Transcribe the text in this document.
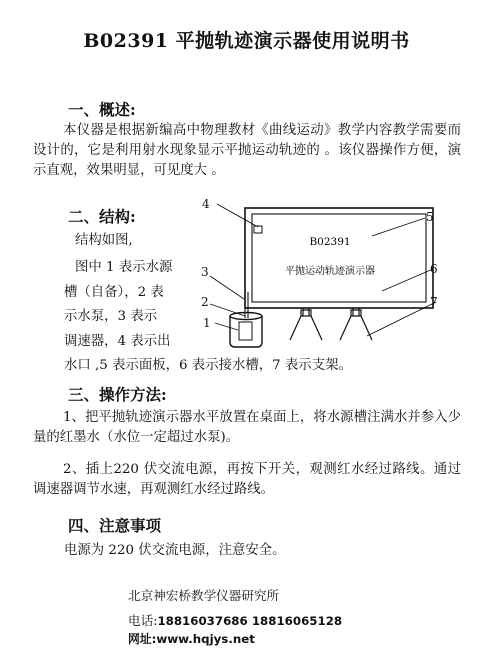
B02391 平抛轨迹演示器使用说明书
一、概述:
本仪器是根据新编高中物理教材《曲线运动》教学内容教学需要而设计的，它是利用射水现象显示平抛运动轨迹的 。该仪器操作方便，演示直观，效果明显，可见度大 。
二、结构:
结构如图,
图中 1 表示水源
槽（自备），2 表
示水泵，3 表示
调速器，4 表示出
水口 ,5 表示面板，6 表示接水槽，7 表示支架。
B02391
平抛运动轨迹演示器
1
2
3
4
5
6
7
三、操作方法:
1、把平抛轨迹演示器水平放置在桌面上，将水源槽注满水并参入少量的红墨水（水位一定超过水泵)。
2、插上220 伏交流电源，再按下开关，观测红水经过路线。通过调速器调节水速，再观测红水经过路线。
四、注意事项
电源为 220 伏交流电源，注意安全。
北京神宏桥教学仪器研究所
电话:18816037686 18816065128
网址:www.hqjys.net
